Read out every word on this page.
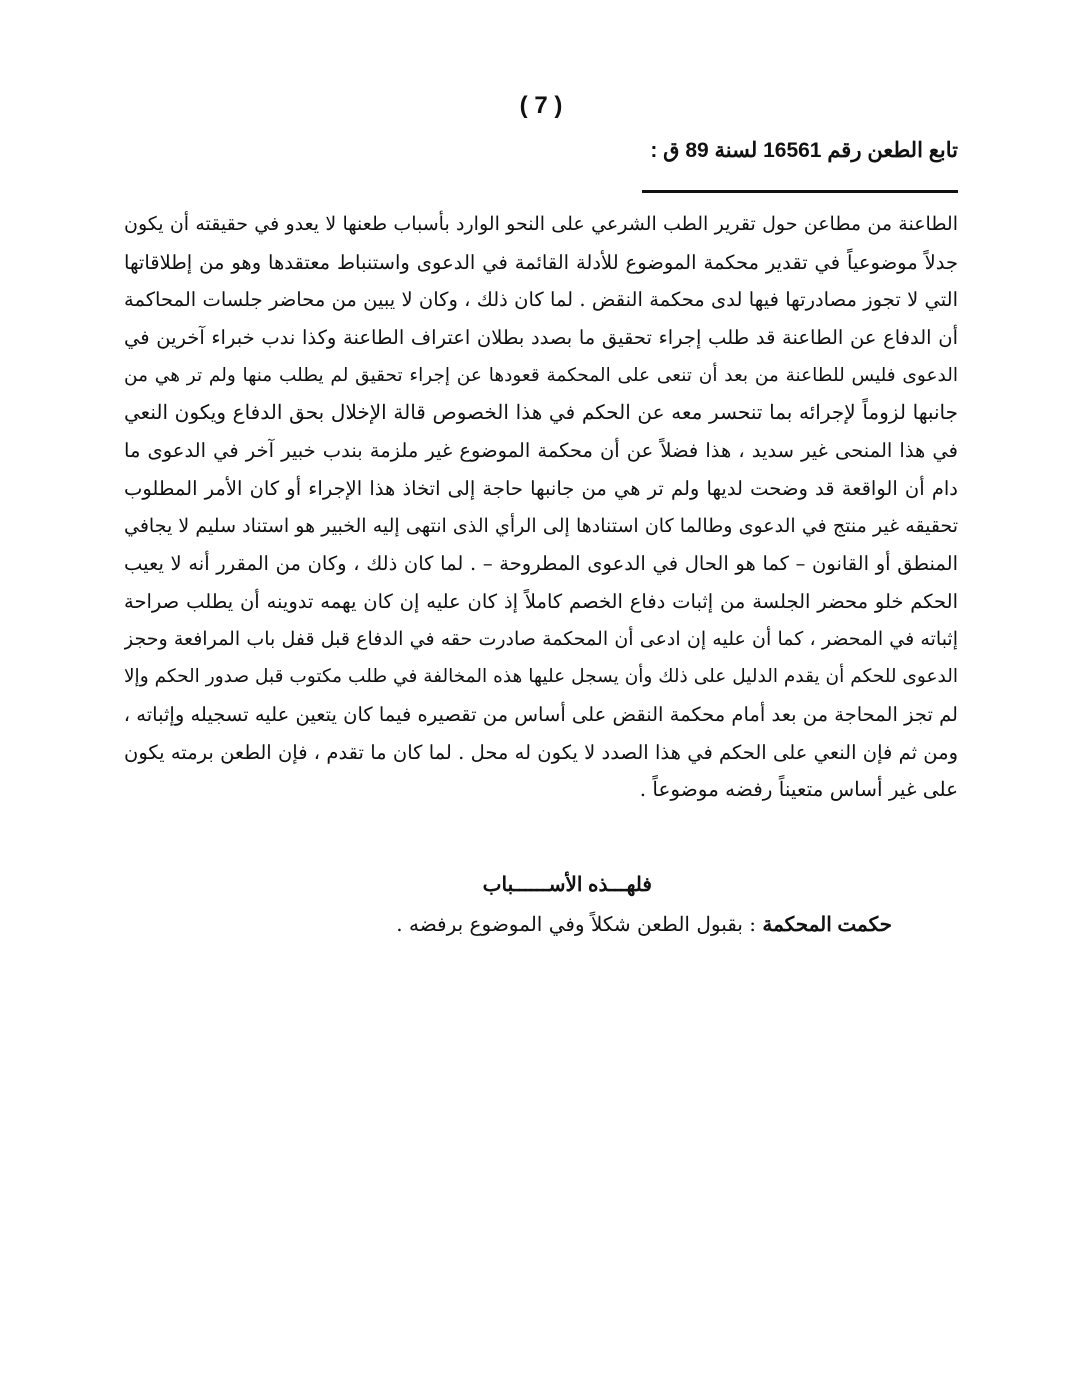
( 7 )
تابع الطعن رقم 16561 لسنة 89 ق :
الطاعنة من مطاعن حول تقرير الطب الشرعي على النحو الوارد بأسباب طعنها لا يعدو في حقيقته أن يكون
جدلاً موضوعياً في تقدير محكمة الموضوع للأدلة القائمة في الدعوى واستنباط معتقدها وهو من إطلاقاتها
التي لا تجوز مصادرتها فيها لدى محكمة النقض . لما كان ذلك ، وكان لا يبين من محاضر جلسات المحاكمة
أن الدفاع عن الطاعنة قد طلب إجراء تحقيق ما بصدد بطلان اعتراف الطاعنة وكذا ندب خبراء آخرين في
الدعوى فليس للطاعنة من بعد أن تنعى على المحكمة قعودها عن إجراء تحقيق لم يطلب منها ولم تر هي من
جانبها لزوماً لإجرائه بما تنحسر معه عن الحكم في هذا الخصوص قالة الإخلال بحق الدفاع ويكون النعي
في هذا المنحى غير سديد ، هذا فضلاً عن أن محكمة الموضوع غير ملزمة بندب خبير آخر في الدعوى ما
دام أن الواقعة قد وضحت لديها ولم تر هي من جانبها حاجة إلى اتخاذ هذا الإجراء أو كان الأمر المطلوب
تحقيقه غير منتج في الدعوى وطالما كان استنادها إلى الرأي الذى انتهى إليه الخبير هو استناد سليم لا يجافي
المنطق أو القانون – كما هو الحال في الدعوى المطروحة – . لما كان ذلك ، وكان من المقرر أنه لا يعيب
الحكم خلو محضر الجلسة من إثبات دفاع الخصم كاملاً إذ كان عليه إن كان يهمه تدوينه أن يطلب صراحة
إثباته في المحضر ، كما أن عليه إن ادعى أن المحكمة صادرت حقه في الدفاع قبل قفل باب المرافعة وحجز
الدعوى للحكم أن يقدم الدليل على ذلك وأن يسجل عليها هذه المخالفة في طلب مكتوب قبل صدور الحكم وإلا
لم تجز المحاجة من بعد أمام محكمة النقض على أساس من تقصيره فيما كان يتعين عليه تسجيله وإثباته ،
ومن ثم فإن النعي على الحكم في هذا الصدد لا يكون له محل . لما كان ما تقدم ، فإن الطعن برمته يكون
على غير أساس متعيناً رفضه موضوعاً .
فلهـــذه الأســــــباب
حكمت المحكمة : بقبول الطعن شكلاً وفي الموضوع برفضه .
